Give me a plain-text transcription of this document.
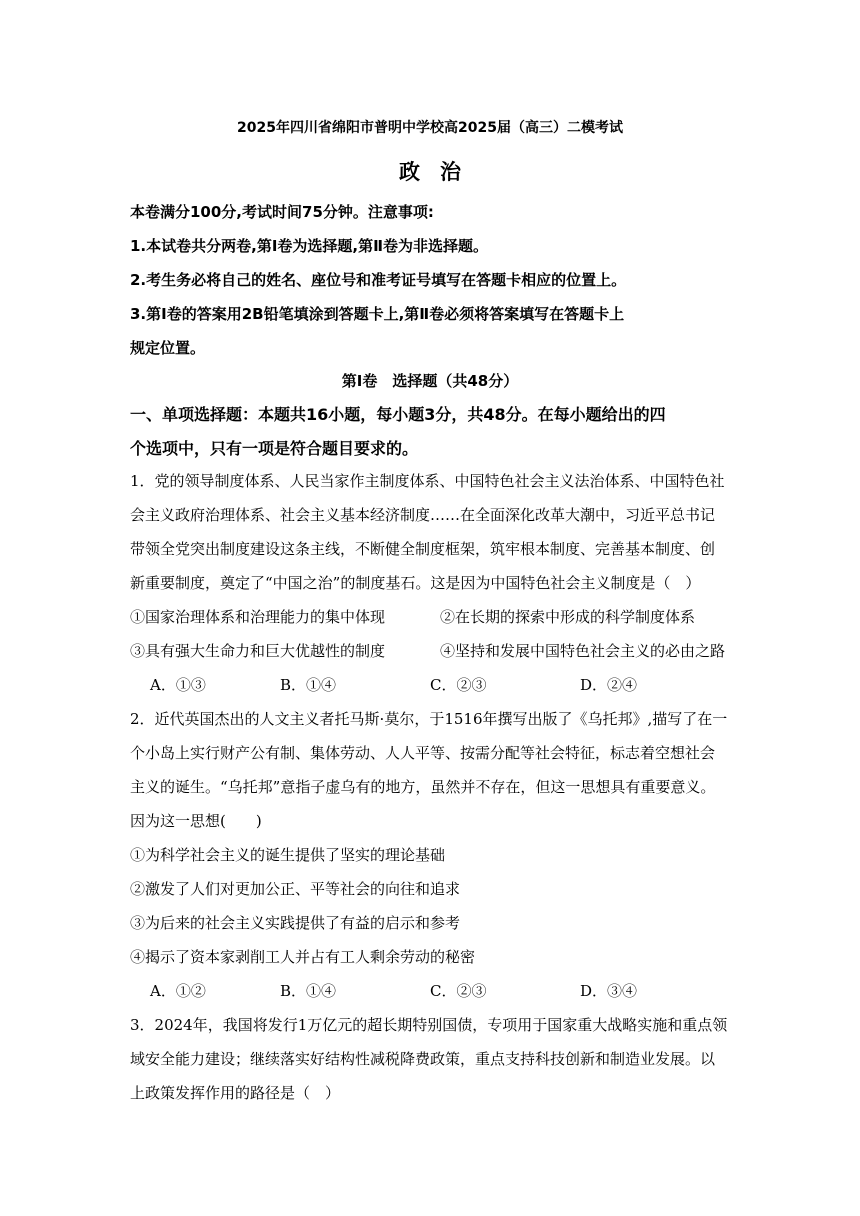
2025年四川省绵阳市普明中学校高2025届（高三）二模考试
政治
本卷满分100分,考试时间75分钟。注意事项:
1.本试卷共分两卷,第Ⅰ卷为选择题,第Ⅱ卷为非选择题。
2.考生务必将自己的姓名、座位号和准考证号填写在答题卡相应的位置上。
3.第Ⅰ卷的答案用2B铅笔填涂到答题卡上,第Ⅱ卷必须将答案填写在答题卡上
规定位置。
第Ⅰ卷　选择题（共48分）
一、单项选择题：本题共16小题，每小题3分，共48分。在每小题给出的四
个选项中，只有一项是符合题目要求的。
1．党的领导制度体系、人民当家作主制度体系、中国特色社会主义法治体系、中国特色社
会主义政府治理体系、社会主义基本经济制度……在全面深化改革大潮中，习近平总书记
带领全党突出制度建设这条主线，不断健全制度框架，筑牢根本制度、完善基本制度、创
新重要制度，奠定了“中国之治”的制度基石。这是因为中国特色社会主义制度是（　）
①国家治理体系和治理能力的集中体现	②在长期的探索中形成的科学制度体系
③具有强大生命力和巨大优越性的制度	④坚持和发展中国特色社会主义的必由之路
A．①③	B．①④	C．②③	D．②④
2．近代英国杰出的人文主义者托马斯·莫尔，于1516年撰写出版了《乌托邦》,描写了在一
个小岛上实行财产公有制、集体劳动、人人平等、按需分配等社会特征，标志着空想社会
主义的诞生。“乌托邦”意指子虚乌有的地方，虽然并不存在，但这一思想具有重要意义。
因为这一思想(　　)
①为科学社会主义的诞生提供了坚实的理论基础
②激发了人们对更加公正、平等社会的向往和追求
③为后来的社会主义实践提供了有益的启示和参考
④揭示了资本家剥削工人并占有工人剩余劳动的秘密
A．①②	B．①④	C．②③	D．③④
3．2024年，我国将发行1万亿元的超长期特别国债，专项用于国家重大战略实施和重点领
域安全能力建设；继续落实好结构性减税降费政策，重点支持科技创新和制造业发展。以
上政策发挥作用的路径是（　）
